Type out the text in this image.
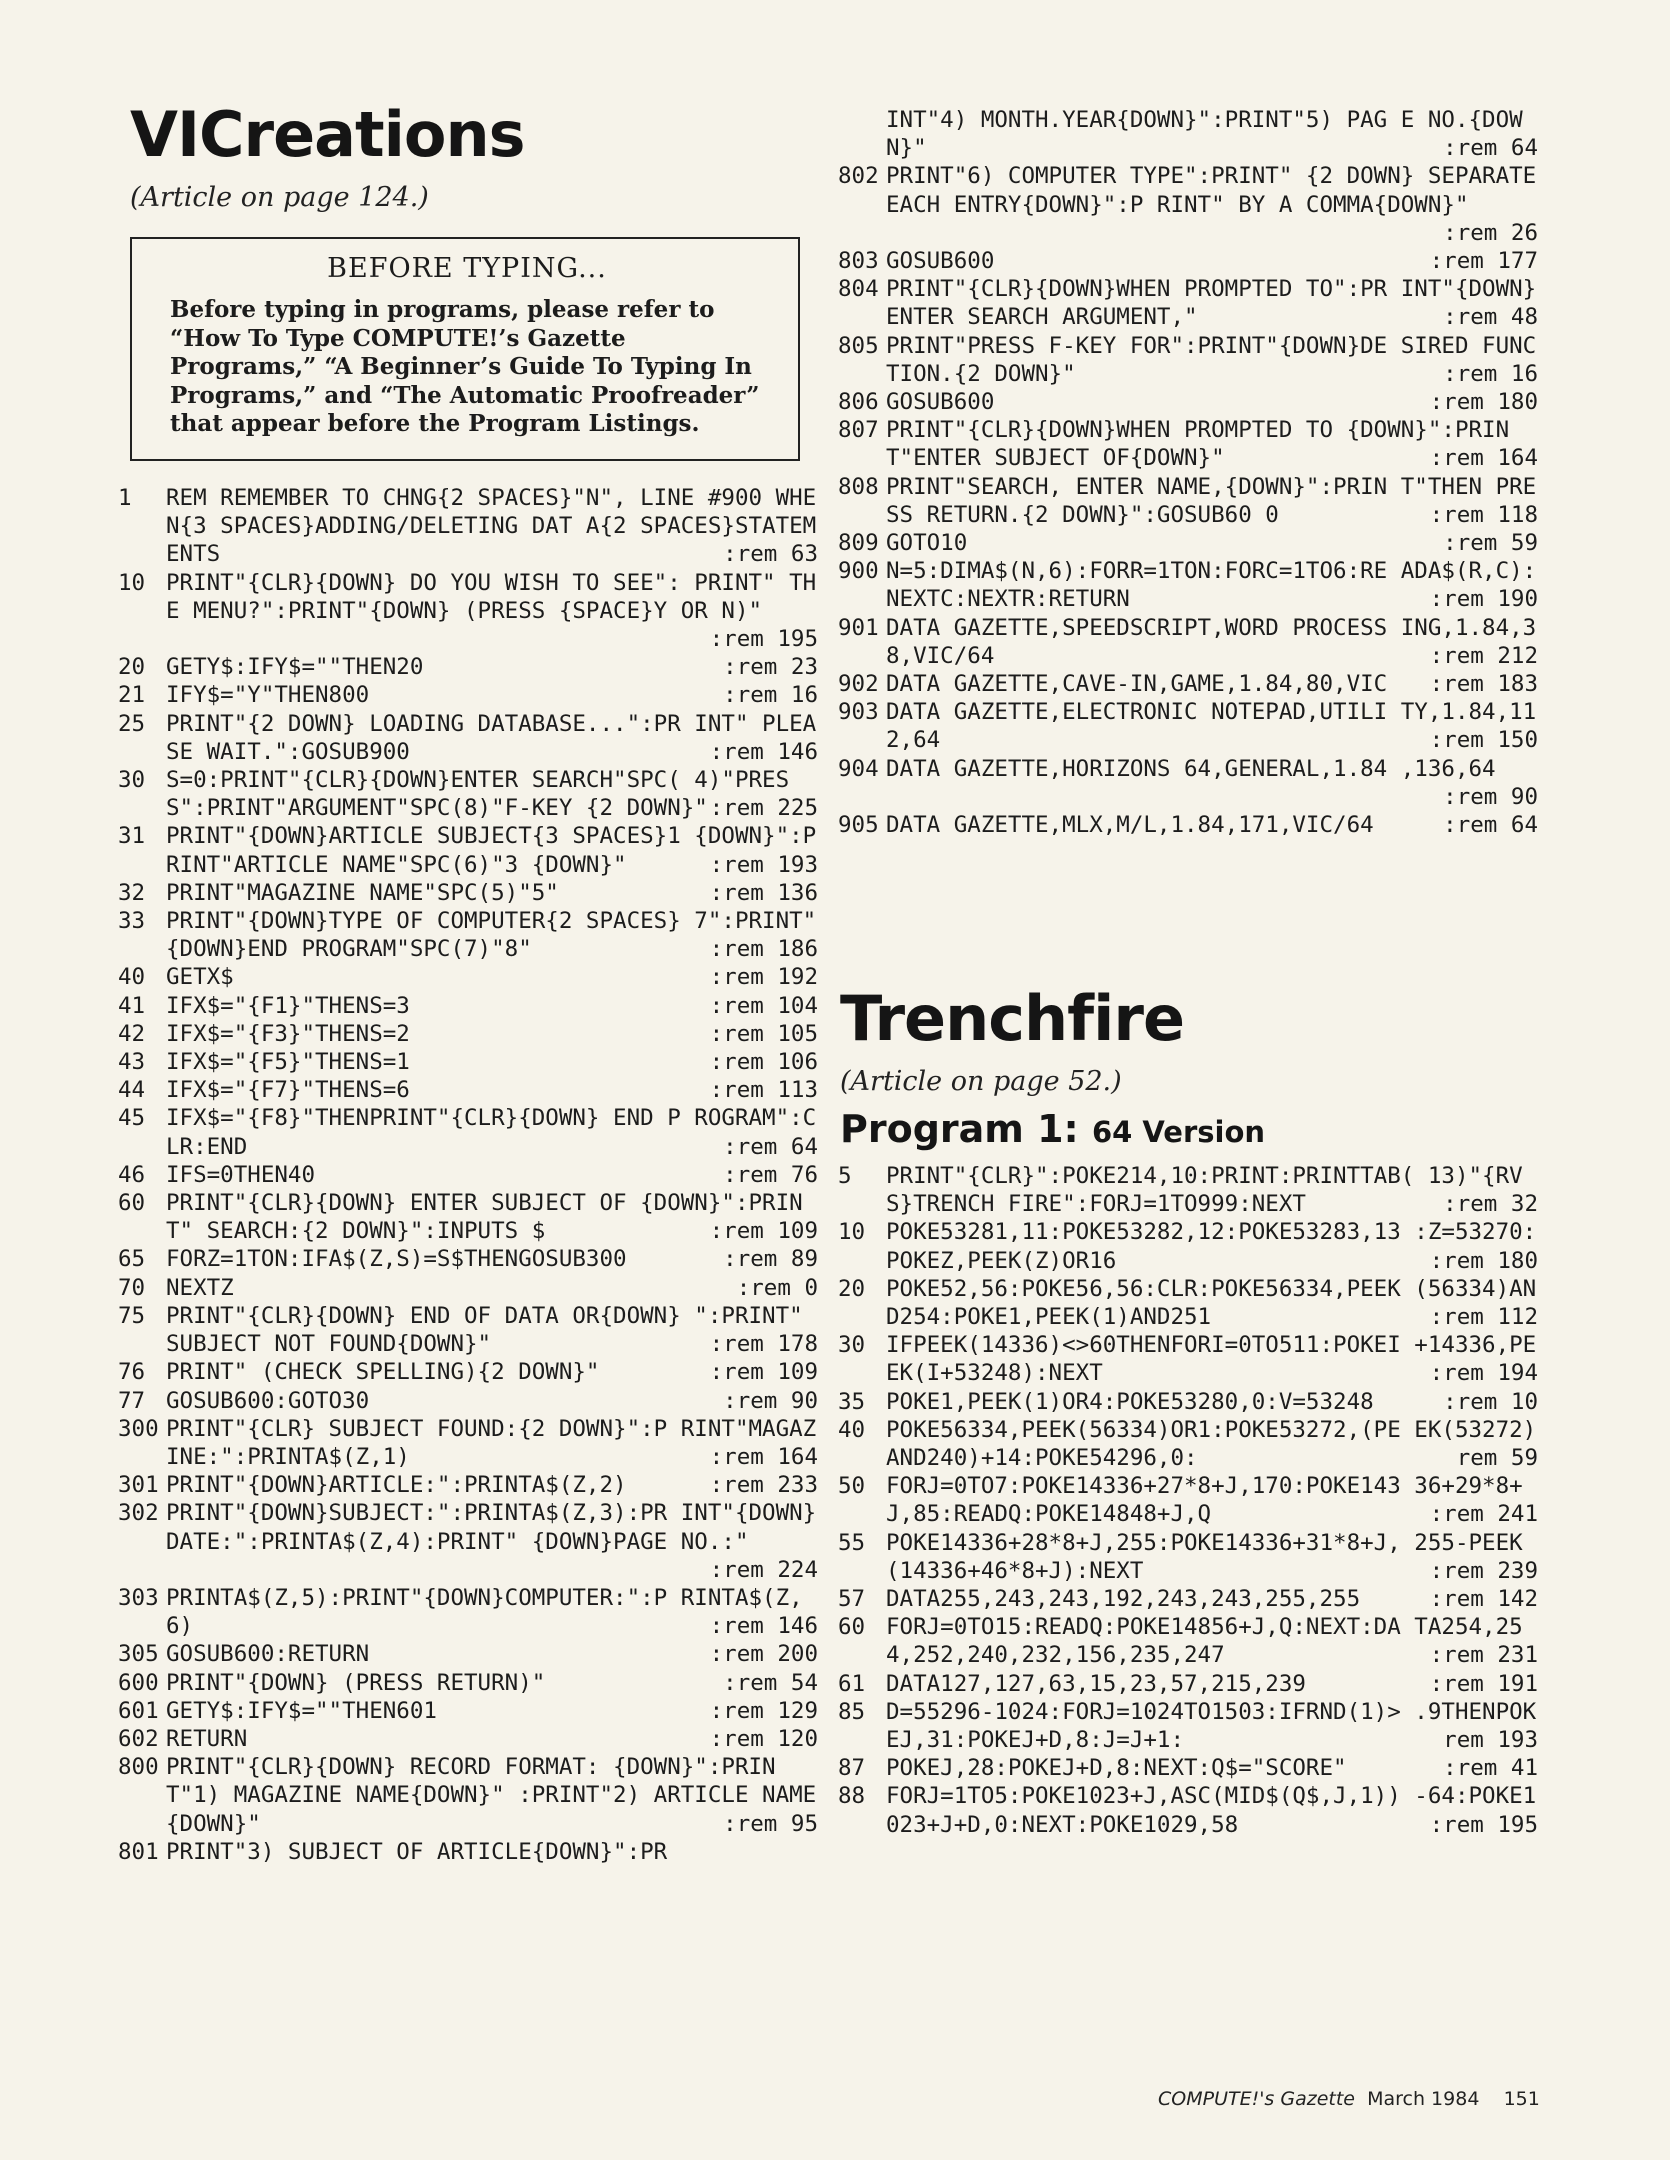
VICreations
(Article on page 124.)

BEFORE TYPING...

Before typing in programs, please refer to “How To Type COMPUTE!’s Gazette Programs,” “A Beginner’s Guide To Typing In Programs,” and “The Automatic Proofreader” that appear before the Program Listings.

1	REM REMEMBER TO CHNG{2 SPACES}"N", LINE #900 WHEN{3 SPACES}ADDING/DELETING DAT A{2 SPACES}STATEMENTS	:rem 63
10 PRINT"{CLR}{DOWN} DO YOU WISH TO SEE": PRINT" THE MENU?":PRINT"{DOWN} (PRESS {SPACE}Y OR N)"
:rem 195
20 GETY$:IFY$=""THEN20	:rem 23
21 IFY$="Y"THEN800	:rem 16
25 PRINT"{2 DOWN} LOADING DATABASE...":PR INT" PLEASE WAIT.":GOSUB900	:rem 146
30 S=0:PRINT"{CLR}{DOWN}ENTER SEARCH"SPC( 4)"PRESS":PRINT"ARGUMENT"SPC(8)"F-KEY {2 DOWN}" :rem 225
31 PRINT"{DOWN}ARTICLE SUBJECT{3 SPACES}1 {DOWN}":PRINT"ARTICLE NAME"SPC(6)"3 {DOWN}"	:rem 193
32 PRINT"MAGAZINE NAME"SPC(5)"5"	:rem 136
33 PRINT"{DOWN}TYPE OF COMPUTER{2 SPACES} 7":PRINT"{DOWN}END PROGRAM"SPC(7)"8"	:rem 186
40 GETX$	:rem 192
41 IFX$="{F1}"THENS=3	:rem 104
42 IFX$="{F3}"THENS=2	:rem 105
43 IFX$="{F5}"THENS=1	:rem 106
44 IFX$="{F7}"THENS=6	:rem 113
45 IFX$="{F8}"THENPRINT"{CLR}{DOWN} END P ROGRAM":CLR:END	:rem 64
46 IFS=0THEN40	:rem 76
60 PRINT"{CLR}{DOWN} ENTER SUBJECT OF {DOWN}":PRINT" SEARCH:{2 DOWN}":INPUTS $	:rem 109
65 FORZ=1TON:IFA$(Z,S)=S$THENGOSUB300	:rem 89
70 NEXTZ	:rem 0
75 PRINT"{CLR}{DOWN} END OF DATA OR{DOWN} ":PRINT" SUBJECT NOT FOUND{DOWN}"	:rem 178
76 PRINT" (CHECK SPELLING){2 DOWN}"	:rem 109
77 GOSUB600:GOTO30	:rem 90
300 PRINT"{CLR} SUBJECT FOUND:{2 DOWN}":P RINT"MAGAZINE:":PRINTA$(Z,1)	:rem 164
301 PRINT"{DOWN}ARTICLE:":PRINTA$(Z,2)	:rem 233
302 PRINT"{DOWN}SUBJECT:":PRINTA$(Z,3):PR INT"{DOWN}DATE:":PRINTA$(Z,4):PRINT" {DOWN}PAGE NO.:"
:rem 224
303 PRINTA$(Z,5):PRINT"{DOWN}COMPUTER:":P RINTA$(Z,6)	:rem 146
305 GOSUB600:RETURN	:rem 200
600 PRINT"{DOWN} (PRESS RETURN)"	:rem 54
601 GETY$:IFY$=""THEN601	:rem 129
602 RETURN	:rem 120
800 PRINT"{CLR}{DOWN} RECORD FORMAT: {DOWN}":PRINT"1) MAGAZINE NAME{DOWN}" :PRINT"2) ARTICLE NAME{DOWN}"	:rem 95
801 PRINT"3) SUBJECT OF ARTICLE{DOWN}":PR
INT"4) MONTH.YEAR{DOWN}":PRINT"5) PAG E NO.{DOWN}"	:rem 64
802 PRINT"6) COMPUTER TYPE":PRINT" {2 DOWN} SEPARATE EACH ENTRY{DOWN}":P RINT" BY A COMMA{DOWN}"
:rem 26
803 GOSUB600	:rem 177
804 PRINT"{CLR}{DOWN}WHEN PROMPTED TO":PR INT"{DOWN}ENTER SEARCH ARGUMENT,"	:rem 48
805 PRINT"PRESS F-KEY FOR":PRINT"{DOWN}DE SIRED FUNCTION.{2 DOWN}"	:rem 16
806 GOSUB600	:rem 180
807 PRINT"{CLR}{DOWN}WHEN PROMPTED TO {DOWN}":PRINT"ENTER SUBJECT OF{DOWN}"	:rem 164
808 PRINT"SEARCH, ENTER NAME,{DOWN}":PRIN T"THEN PRESS RETURN.{2 DOWN}":GOSUB60 0	:rem 118
809 GOTO10	:rem 59
900 N=5:DIMA$(N,6):FORR=1TON:FORC=1TO6:RE ADA$(R,C):NEXTC:NEXTR:RETURN	:rem 190
901 DATA GAZETTE,SPEEDSCRIPT,WORD PROCESS ING,1.84,38,VIC/64	:rem 212
902 DATA GAZETTE,CAVE-IN,GAME,1.84,80,VIC :rem 183
903 DATA GAZETTE,ELECTRONIC NOTEPAD,UTILI TY,1.84,112,64	:rem 150
904 DATA GAZETTE,HORIZONS 64,GENERAL,1.84 ,136,64
:rem 90
905 DATA GAZETTE,MLX,M/L,1.84,171,VIC/64	:rem 64
Trenchfire
(Article on page 52.)
Program 1: 64 Version
5	PRINT"{CLR}":POKE214,10:PRINT:PRINTTAB( 13)"{RVS}TRENCH FIRE":FORJ=1TO999:NEXT	:rem 32
10 POKE53281,11:POKE53282,12:POKE53283,13 :Z=53270:POKEZ,PEEK(Z)OR16	:rem 180
20 POKE52,56:POKE56,56:CLR:POKE56334,PEEK (56334)AND254:POKE1,PEEK(1)AND251	:rem 112
30 IFPEEK(14336)<>60THENFORI=0TO511:POKEI +14336,PEEK(I+53248):NEXT	:rem 194
35 POKE1,PEEK(1)OR4:POKE53280,0:V=53248	:rem 10
40 POKE56334,PEEK(56334)OR1:POKE53272,(PE EK(53272)AND240)+14:POKE54296,0:	rem 59
50 FORJ=0TO7:POKE14336+27*8+J,170:POKE143 36+29*8+J,85:READQ:POKE14848+J,Q	:rem 241
55 POKE14336+28*8+J,255:POKE14336+31*8+J, 255-PEEK(14336+46*8+J):NEXT	:rem 239
57 DATA255,243,243,192,243,243,255,255	:rem 142
60 FORJ=0TO15:READQ:POKE14856+J,Q:NEXT:DA TA254,254,252,240,232,156,235,247	:rem 231
61 DATA127,127,63,15,23,57,215,239	:rem 191
85 D=55296-1024:FORJ=1024TO1503:IFRND(1)> .9THENPOKEJ,31:POKEJ+D,8:J=J+1:	rem 193
87 POKEJ,28:POKEJ+D,8:NEXT:Q$="SCORE"	:rem 41
88 FORJ=1TO5:POKE1023+J,ASC(MID$(Q$,J,1)) -64:POKE1023+J+D,0:NEXT:POKE1029,58	:rem 195
COMPUTE!'s Gazette March 1984 151
